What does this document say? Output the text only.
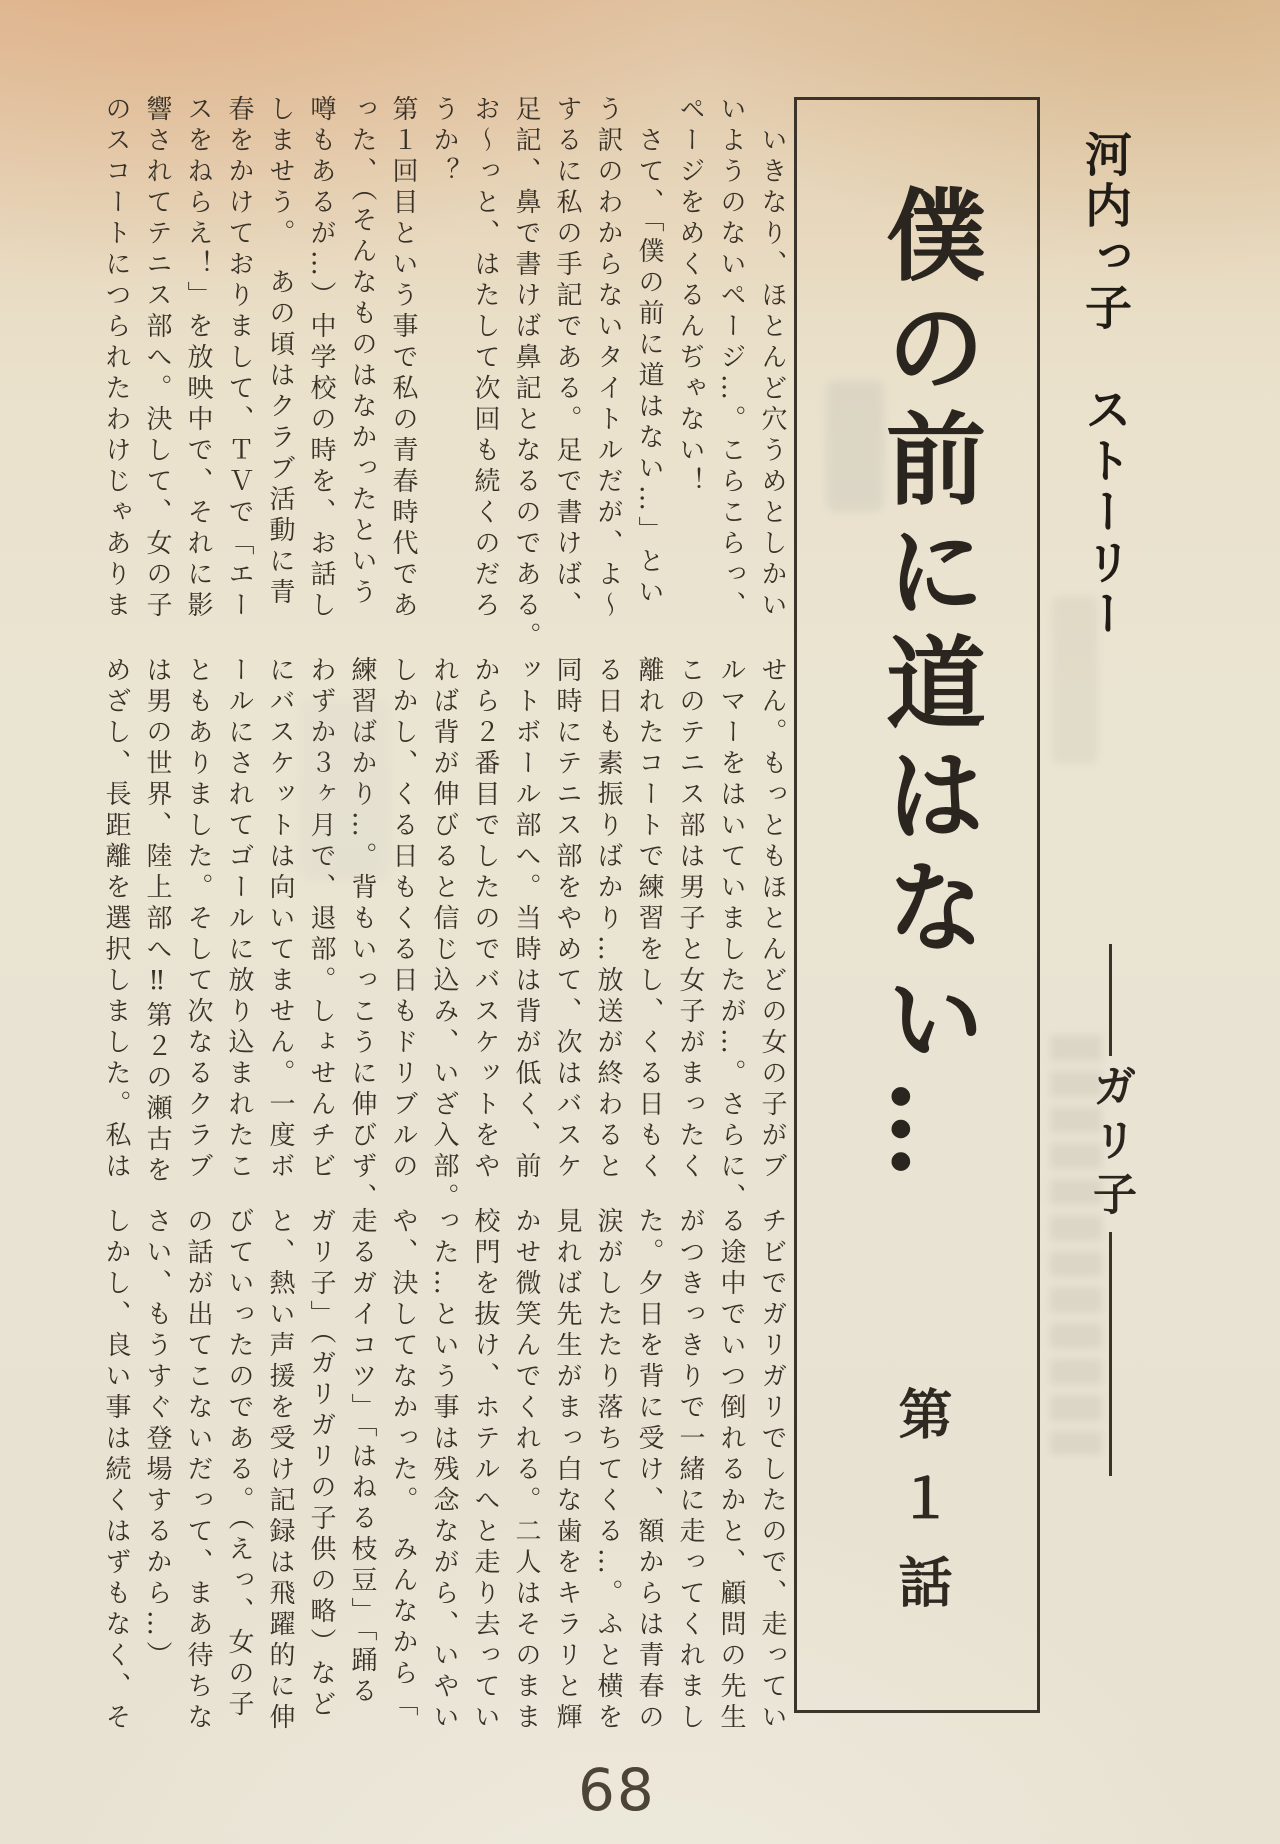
河内っ子　ストーリー
ガリ子
僕の前に道はない…
第１話
　いきなり、ほとんど穴うめとしかい
いようのないページ…。こらこらっ、
ページをめくるんぢゃない！
　さて、「僕の前に道はない…」とい
う訳のわからないタイトルだが、よ～
するに私の手記である。足で書けば、
足記、鼻で書けば鼻記となるのである。
お～っと、はたして次回も続くのだろ
うか？
第１回目という事で私の青春時代であ
った、（そんなものはなかったという
噂もあるが…）中学校の時を、お話し
しませう。　あの頃はクラブ活動に青
春をかけておりまして、ＴＶで「エー
スをねらえ！」を放映中で、それに影
響されてテニス部へ。決して、女の子
のスコートにつられたわけじゃありま
せん。もっともほとんどの女の子がブ
ルマーをはいていましたが…。さらに、
このテニス部は男子と女子がまったく
離れたコートで練習をし、くる日もく
る日も素振りばかり…放送が終わると
同時にテニス部をやめて、次はバスケ
ットボール部へ。当時は背が低く、前
から２番目でしたのでバスケットをや
れば背が伸びると信じ込み、いざ入部。
しかし、くる日もくる日もドリブルの
練習ばかり…。背もいっこうに伸びず、
わずか３ヶ月で、退部。しょせんチビ
にバスケットは向いてません。一度ボ
ールにされてゴールに放り込まれたこ
ともありました。そして次なるクラブ
は男の世界、陸上部へ‼第２の瀬古を
めざし、長距離を選択しました。私は
チビでガリガリでしたので、走ってい
る途中でいつ倒れるかと、顧問の先生
がつきっきりで一緒に走ってくれまし
た。夕日を背に受け、額からは青春の
涙がしたたり落ちてくる…。ふと横を
見れば先生がまっ白な歯をキラリと輝
かせ微笑んでくれる。二人はそのまま
校門を抜け、ホテルへと走り去ってい
った…という事は残念ながら、いやい
や、決してなかった。　みんなから「
走るガイコツ」「はねる枝豆」「踊る
ガリ子」（ガリガリの子供の略）など
と、熱い声援を受け記録は飛躍的に伸
びていったのである。（えっ、女の子
の話が出てこないだって、まあ待ちな
さい、もうすぐ登場するから…）
しかし、良い事は続くはずもなく、そ
68
